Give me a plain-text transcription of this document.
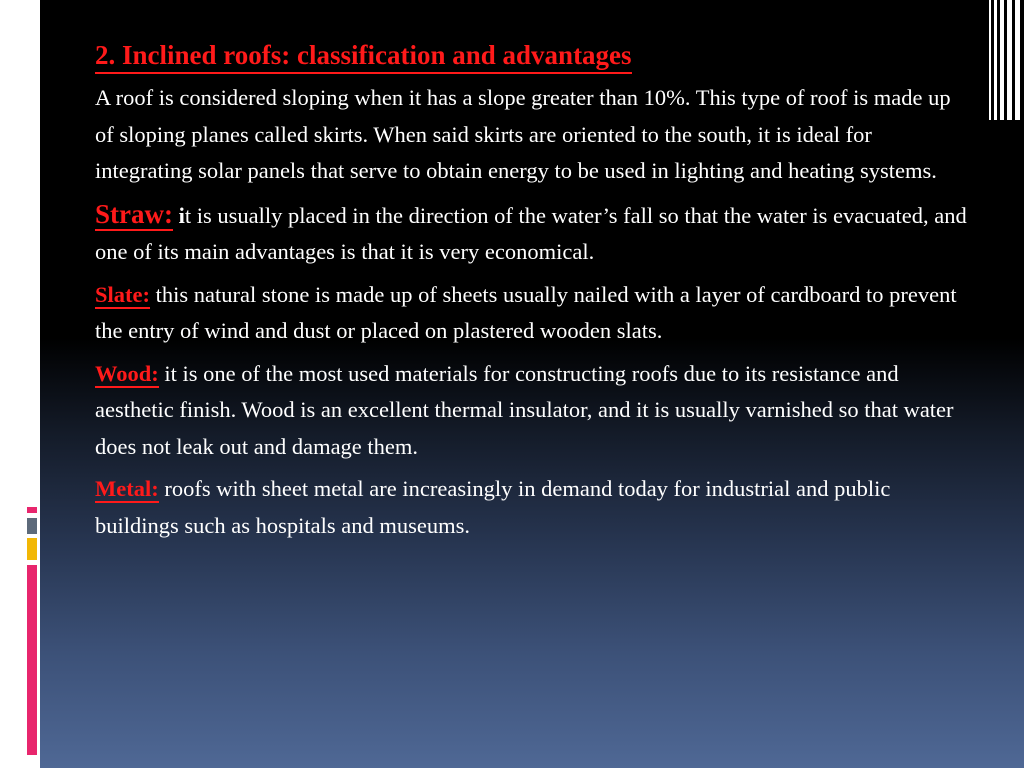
2. Inclined roofs: classification and advantages

A roof is considered sloping when it has a slope greater than 10%. This type of roof is made up of sloping planes called skirts. When said skirts are oriented to the south, it is ideal for integrating solar panels that serve to obtain energy to be used in lighting and heating systems.

Straw: it is usually placed in the direction of the water’s fall so that the water is evacuated, and one of its main advantages is that it is very economical.

Slate: this natural stone is made up of sheets usually nailed with a layer of cardboard to prevent the entry of wind and dust or placed on plastered wooden slats.

Wood: it is one of the most used materials for constructing roofs due to its resistance and aesthetic finish. Wood is an excellent thermal insulator, and it is usually varnished so that water does not leak out and damage them.

Metal: roofs with sheet metal are increasingly in demand today for industrial and public buildings such as hospitals and museums.
